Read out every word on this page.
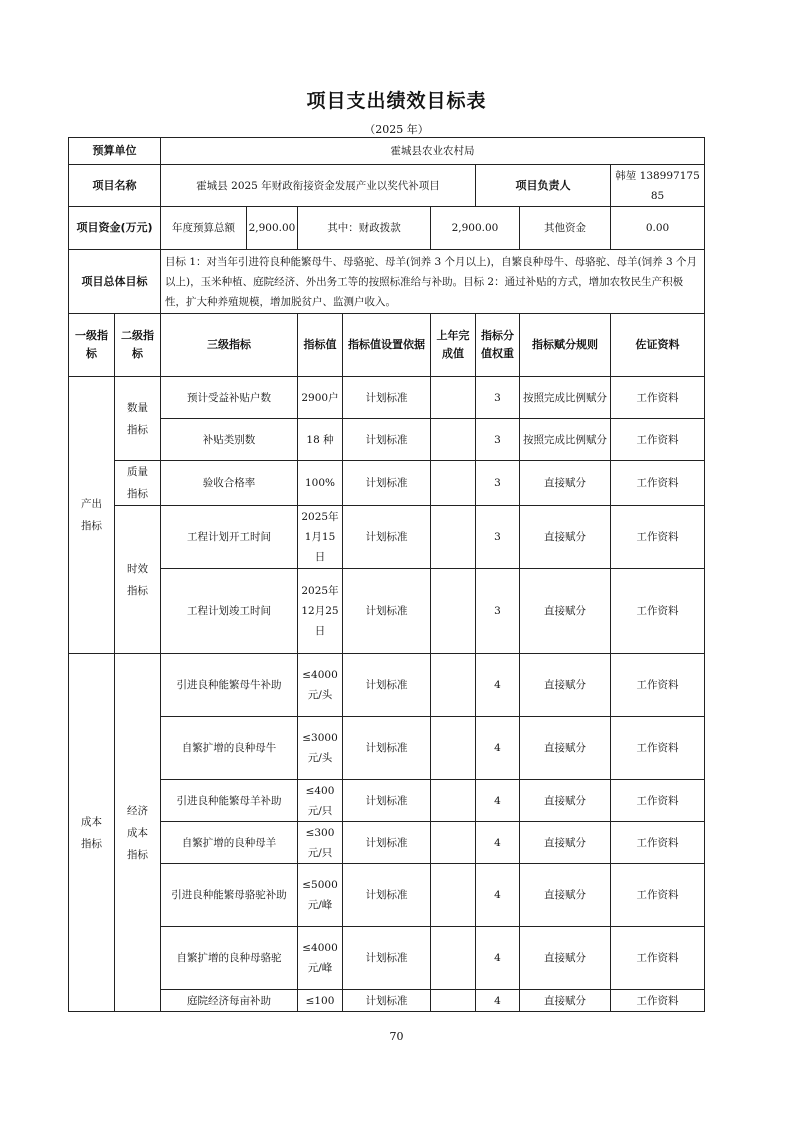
项目支出绩效目标表
（2025 年）
预算单位		霍城县农业农村局						
项目名称		霍城县 2025 年财政衔接资金发展产业以奖代补项目				项目负责人		韩堃 13899717585
项目资金(万元)		年度预算总额 2,900.00	其中：财政拨款		2,900.00		其他资金	0.00
项目总体目标		目标 1：对当年引进符良种能繁母牛、母骆驼、母羊(饲养 3 个月以上)，自繁良种母牛、母骆驼、母羊(饲养 3 个月以上)，玉米种植、庭院经济、外出务工等的按照标准给与补助。目标 2：通过补贴的方式，增加农牧民生产积极性，扩大种养殖规模，增加脱贫户、监测户收入。						
一级指标	二级指标	三级指标	指标值	指标值设置依据	上年完成值	指标分值权重	指标赋分规则	佐证资料
产出指标	数量指标	预计受益补贴户数	2900户	计划标准		3	按照完成比例赋分	工作资料
		补贴类别数	18 种	计划标准		3	按照完成比例赋分	工作资料
	质量指标	验收合格率	100%	计划标准		3	直接赋分	工作资料
	时效指标	工程计划开工时间	2025年1月15日	计划标准		3	直接赋分	工作资料
		工程计划竣工时间	2025年12月25日	计划标准		3	直接赋分	工作资料
成本指标	经济成本指标	引进良种能繁母牛补助	≤4000元/头	计划标准		4	直接赋分	工作资料
		自繁扩增的良种母牛	≤3000元/头	计划标准		4	直接赋分	工作资料
		引进良种能繁母羊补助	≤400元/只	计划标准		4	直接赋分	工作资料
		自繁扩增的良种母羊	≤300元/只	计划标准		4	直接赋分	工作资料
		引进良种能繁母骆驼补助	≤5000元/峰	计划标准		4	直接赋分	工作资料
		自繁扩增的良种母骆驼	≤4000元/峰	计划标准		4	直接赋分	工作资料
		庭院经济每亩补助	≤100	计划标准		4	直接赋分	工作资料
70
